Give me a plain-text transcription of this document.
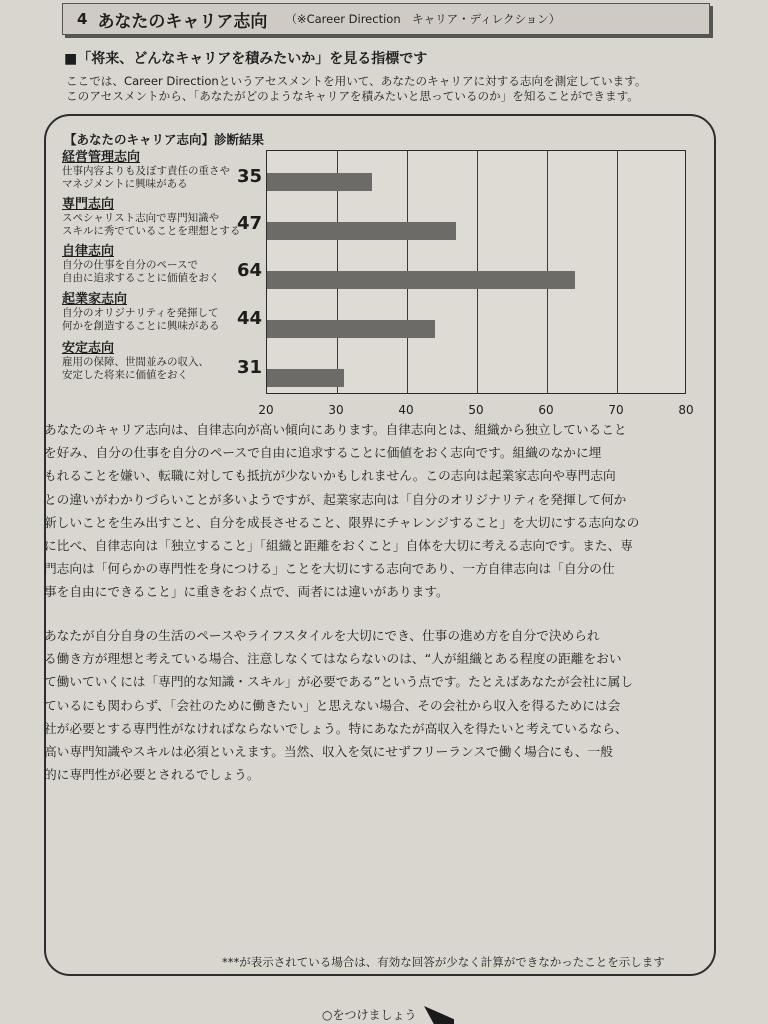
4 あなたのキャリア志向 （※Career Direction　キャリア・ディレクション）
■「将来、どんなキャリアを積みたいか」を見る指標です
ここでは、Career Directionというアセスメントを用いて、あなたのキャリアに対する志向を測定しています。
このアセスメントから、「あなたがどのようなキャリアを積みたいと思っているのか」を知ることができます。
【あなたのキャリア志向】診断結果
経営管理志向
仕事内容よりも及ぼす責任の重さや
マネジメントに興味がある	35
専門志向
スペシャリスト志向で専門知識や
スキルに秀でていることを理想とする
47
自律志向
自分の仕事を自分のペースで
自由に追求することに価値をおく 64
起業家志向
自分のオリジナリティを発揮して
何かを創造することに興味がある 44
安定志向
雇用の保障、世間並みの収入、
安定した将来に価値をおく	31
20	30	40	50	60	70	80
あなたのキャリア志向は、自律志向が高い傾向にあります。自律志向とは、組織から独立していること
を好み、自分の仕事を自分のペースで自由に追求することに価値をおく志向です。組織のなかに埋
もれることを嫌い、転職に対しても抵抗が少ないかもしれません。この志向は起業家志向や専門志向
との違いがわかりづらいことが多いようですが、起業家志向は「自分のオリジナリティを発揮して何か
新しいことを生み出すこと、自分を成長させること、限界にチャレンジすること」を大切にする志向なの
に比べ、自律志向は「独立すること」「組織と距離をおくこと」自体を大切に考える志向です。また、専
門志向は「何らかの専門性を身につける」ことを大切にする志向であり、一方自律志向は「自分の仕
事を自由にできること」に重きをおく点で、両者には違いがあります。
あなたが自分自身の生活のペースやライフスタイルを大切にでき、仕事の進め方を自分で決められ
る働き方が理想と考えている場合、注意しなくてはならないのは、“人が組織とある程度の距離をおい
て働いていくには「専門的な知識・スキル」が必要である”という点です。たとえばあなたが会社に属し
ているにも関わらず、「会社のために働きたい」と思えない場合、その会社から収入を得るためには会
社が必要とする専門性がなければならないでしょう。特にあなたが高収入を得たいと考えているなら、
高い専門知識やスキルは必須といえます。当然、収入を気にせずフリーランスで働く場合にも、一般
的に専門性が必要とされるでしょう。
***が表示されている場合は、有効な回答が少なく計算ができなかったことを示します
○をつけましょう
